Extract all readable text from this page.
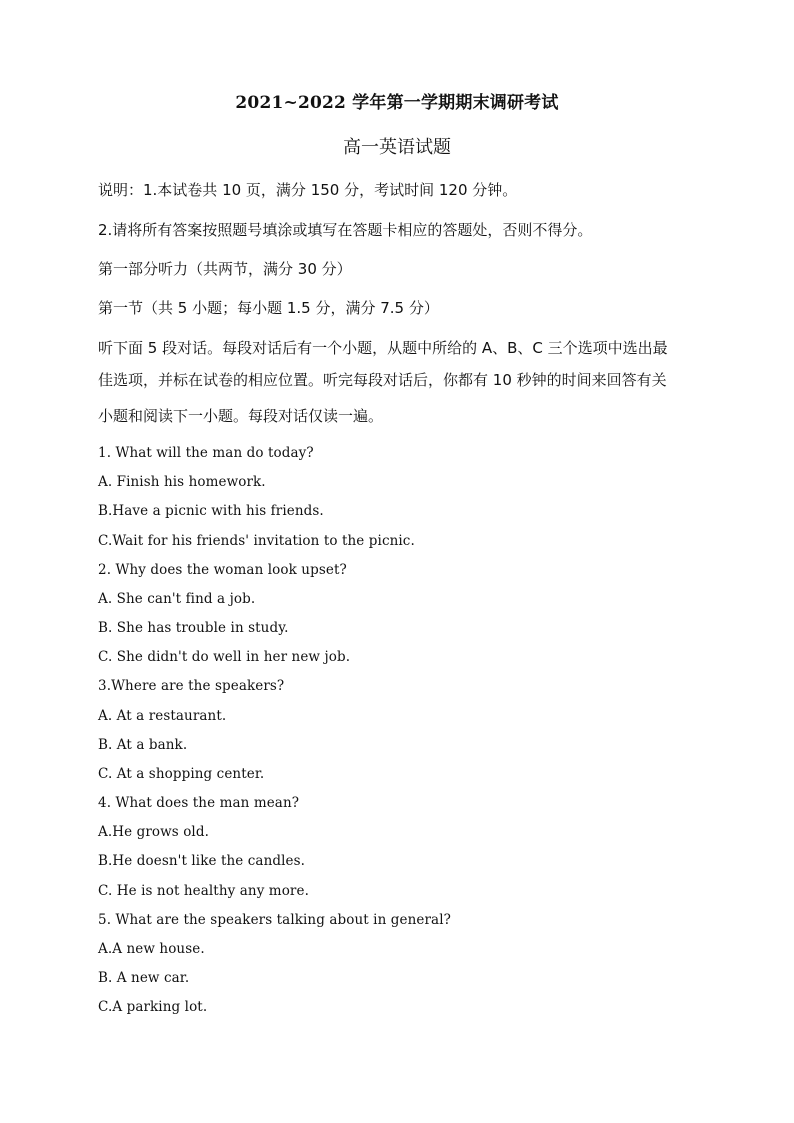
2021~2022 学年第一学期期末调研考试
高一英语试题
说明：1.本试卷共 10 页，满分 150 分，考试时间 120 分钟。
2.请将所有答案按照题号填涂或填写在答题卡相应的答题处，否则不得分。
第一部分听力（共两节，满分 30 分）
第一节（共 5 小题；每小题 1.5 分，满分 7.5 分）
听下面 5 段对话。每段对话后有一个小题，从题中所给的 A、B、C 三个选项中选出最
佳选项，并标在试卷的相应位置。听完每段对话后，你都有 10 秒钟的时间来回答有关
小题和阅读下一小题。每段对话仅读一遍。
1. What will the man do today?
A. Finish his homework.
B.Have a picnic with his friends.
C.Wait for his friends' invitation to the picnic.
2. Why does the woman look upset?
A. She can't find a job.
B. She has trouble in study.
C. She didn't do well in her new job.
3.Where are the speakers?
A. At a restaurant.
B. At a bank.
C. At a shopping center.
4. What does the man mean?
A.He grows old.
B.He doesn't like the candles.
C. He is not healthy any more.
5. What are the speakers talking about in general?
A.A new house.
B. A new car.
C.A parking lot.
